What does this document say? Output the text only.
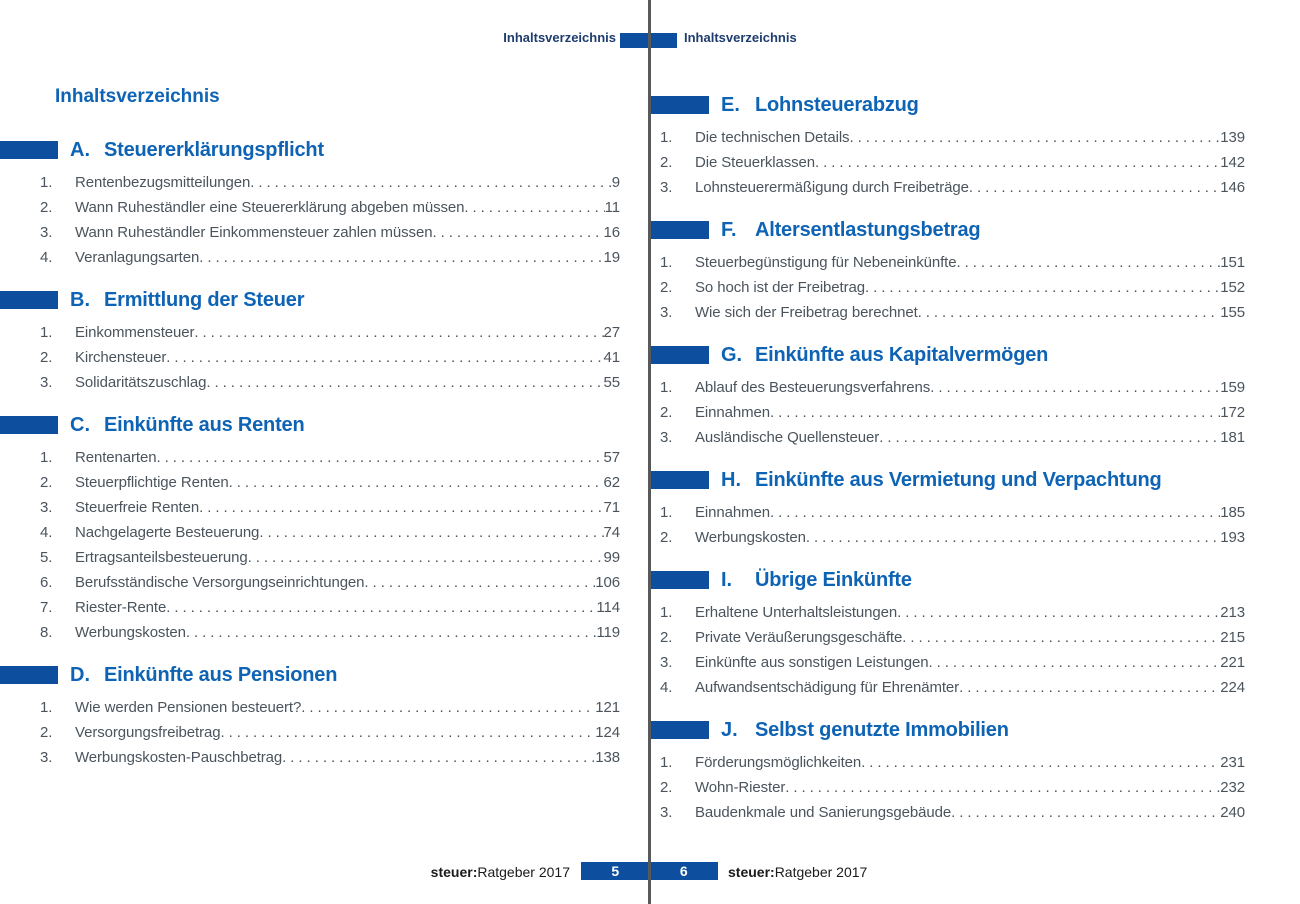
Inhaltsverzeichnis	Inhaltsverzeichnis
Inhaltsverzeichnis
A. Steuererklärungspflicht
1.	Rentenbezugsmitteilungen . . .	9
2.	Wann Ruheständler eine Steuererklärung abgeben müssen . . .	11
3.	Wann Ruheständler Einkommensteuer zahlen müssen . . .	16
4.	Veranlagungsarten . . .	19
B. Ermittlung der Steuer
1.	Einkommensteuer . . .	27
2.	Kirchensteuer . . .	41
3.	Solidaritätszuschlag . . .	55
C. Einkünfte aus Renten
1.	Rentenarten . . .	57
2.	Steuerpflichtige Renten . . .	62
3.	Steuerfreie Renten . . .	71
4.	Nachgelagerte Besteuerung . . .	74
5.	Ertragsanteilsbesteuerung . . .	99
6.	Berufsständische Versorgungseinrichtungen . . .	106
7.	Riester-Rente . . .	114
8.	Werbungskosten . . .	119
D. Einkünfte aus Pensionen
1.	Wie werden Pensionen besteuert? . . .	121
2.	Versorgungsfreibetrag . . .	124
3.	Werbungskosten-Pauschbetrag . . .	138
E. Lohnsteuerabzug
1.	Die technischen Details . . .	139
2.	Die Steuerklassen . . .	142
3.	Lohnsteuerermäßigung durch Freibeträge . . .	146
F. Altersentlastungsbetrag
1.	Steuerbegünstigung für Nebeneinkünfte . . .	151
2.	So hoch ist der Freibetrag . . .	152
3.	Wie sich der Freibetrag berechnet . . .	155
G. Einkünfte aus Kapitalvermögen
1.	Ablauf des Besteuerungsverfahrens . . .	159
2.	Einnahmen . . .	172
3.	Ausländische Quellensteuer . . .	181
H. Einkünfte aus Vermietung und Verpachtung
1.	Einnahmen . . .	185
2.	Werbungskosten . . .	193
I.	Übrige Einkünfte
1.	Erhaltene Unterhaltsleistungen . . .	213
2.	Private Veräußerungsgeschäfte . . .	215
3.	Einkünfte aus sonstigen Leistungen . . .	221
4.	Aufwandsentschädigung für Ehrenämter . . .	224
J. Selbst genutzte Immobilien
1.	Förderungsmöglichkeiten . . .	231
2.	Wohn-Riester . . .	232
3.	Baudenkmale und Sanierungsgebäude . . .	240
steuer:Ratgeber 2017	5	6	steuer:Ratgeber 2017
